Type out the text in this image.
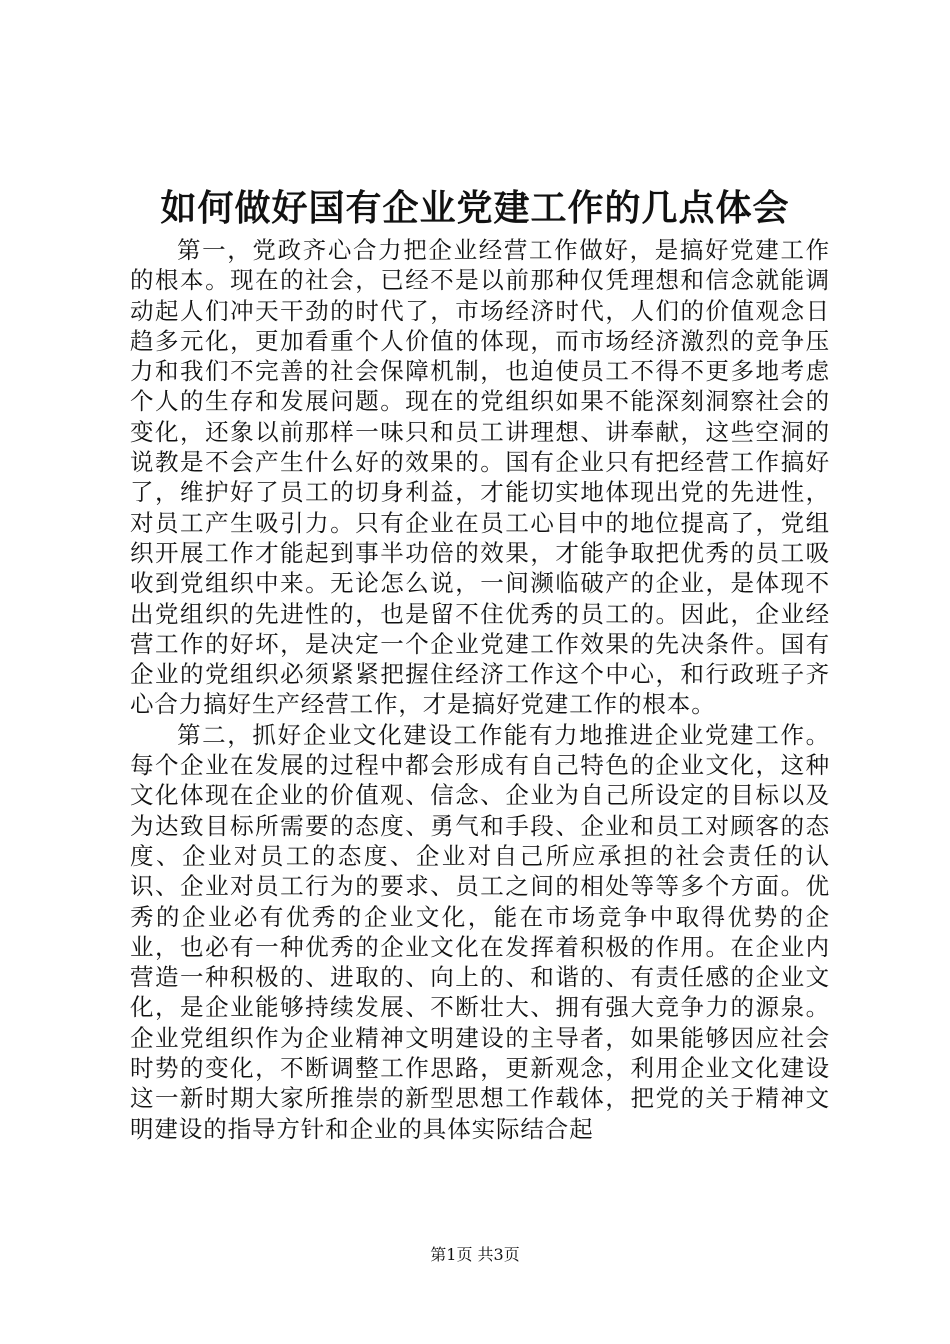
如何做好国有企业党建工作的几点体会

第一，党政齐心合力把企业经营工作做好，是搞好党建工作的根本。现在的社会，已经不是以前那种仅凭理想和信念就能调动起人们冲天干劲的时代了，市场经济时代，人们的价值观念日趋多元化，更加看重个人价值的体现，而市场经济激烈的竞争压力和我们不完善的社会保障机制，也迫使员工不得不更多地考虑个人的生存和发展问题。现在的党组织如果不能深刻洞察社会的变化，还象以前那样一味只和员工讲理想、讲奉献，这些空洞的说教是不会产生什么好的效果的。国有企业只有把经营工作搞好了，维护好了员工的切身利益，才能切实地体现出党的先进性，对员工产生吸引力。只有企业在员工心目中的地位提高了，党组织开展工作才能起到事半功倍的效果，才能争取把优秀的员工吸收到党组织中来。无论怎么说，一间濒临破产的企业，是体现不出党组织的先进性的，也是留不住优秀的员工的。因此，企业经营工作的好坏，是决定一个企业党建工作效果的先决条件。国有企业的党组织必须紧紧把握住经济工作这个中心，和行政班子齐心合力搞好生产经营工作，才是搞好党建工作的根本。

第二，抓好企业文化建设工作能有力地推进企业党建工作。每个企业在发展的过程中都会形成有自己特色的企业文化，这种文化体现在企业的价值观、信念、企业为自己所设定的目标以及为达致目标所需要的态度、勇气和手段、企业和员工对顾客的态度、企业对员工的态度、企业对自己所应承担的社会责任的认识、企业对员工行为的要求、员工之间的相处等等多个方面。优秀的企业必有优秀的企业文化，能在市场竞争中取得优势的企业，也必有一种优秀的企业文化在发挥着积极的作用。在企业内营造一种积极的、进取的、向上的、和谐的、有责任感的企业文化，是企业能够持续发展、不断壮大、拥有强大竞争力的源泉。企业党组织作为企业精神文明建设的主导者，如果能够因应社会时势的变化，不断调整工作思路，更新观念，利用企业文化建设这一新时期大家所推崇的新型思想工作载体，把党的关于精神文明建设的指导方针和企业的具体实际结合起

第1页 共3页
